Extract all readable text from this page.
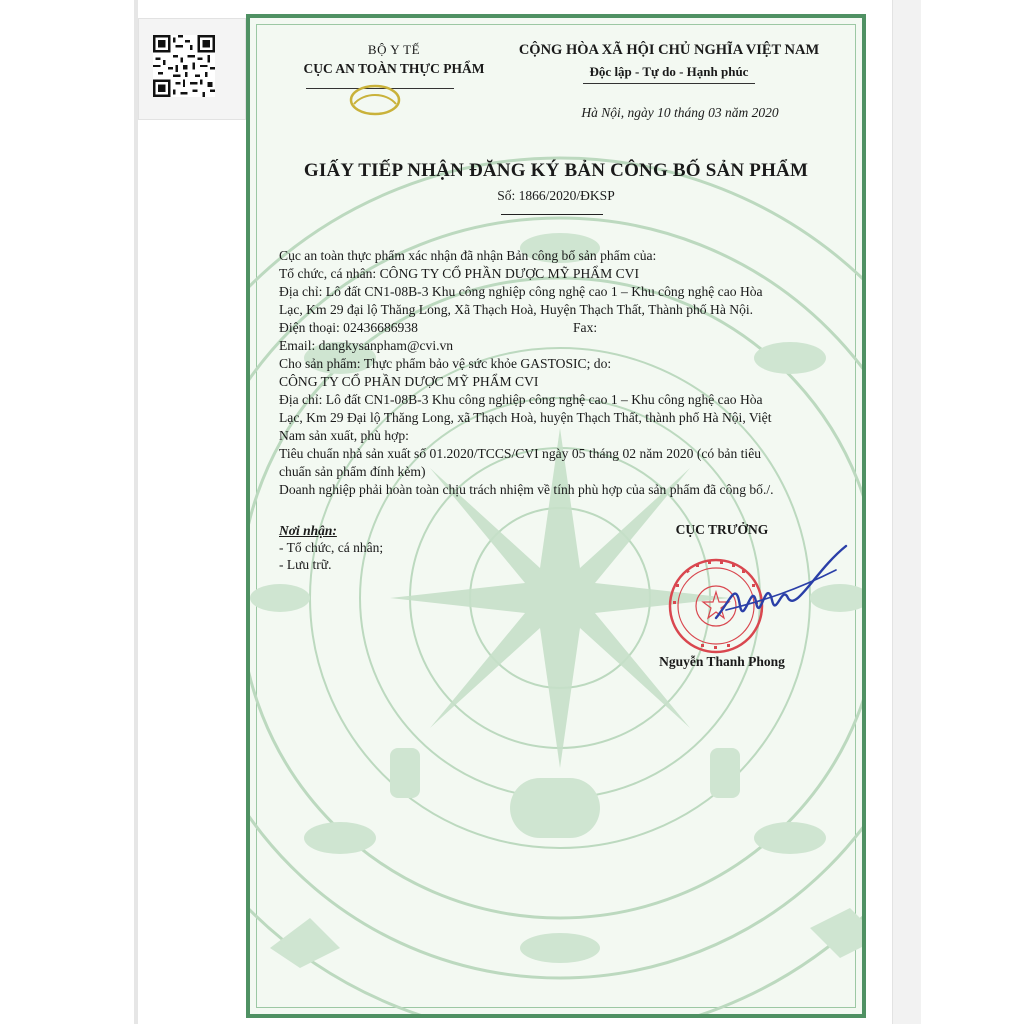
BỘ Y TẾ
CỤC AN TOÀN THỰC PHẨM
CỘNG HÒA XÃ HỘI CHỦ NGHĨA VIỆT NAM
Độc lập - Tự do - Hạnh phúc
Hà Nội, ngày 10 tháng 03 năm 2020
GIẤY TIẾP NHẬN ĐĂNG KÝ BẢN CÔNG BỐ SẢN PHẨM
Số: 1866/2020/ĐKSP

Cục an toàn thực phẩm xác nhận đã nhận Bản công bố sản phẩm của:

Tổ chức, cá nhân: CÔNG TY CỔ PHẦN DƯỢC MỸ PHẨM CVI

Địa chỉ: Lô đất CN1-08B-3 Khu công nghiệp công nghệ cao 1 – Khu công nghệ cao Hòa

Lạc, Km 29 đại lộ Thăng Long, Xã Thạch Hoà, Huyện Thạch Thất, Thành phố Hà Nội.

Điện thoại: 02436686938	Fax:

Email: dangkysanpham@cvi.vn

Cho sản phẩm: Thực phẩm bảo vệ sức khỏe GASTOSIC; do:

CÔNG TY CỔ PHẦN DƯỢC MỸ PHẨM CVI

Địa chỉ: Lô đất CN1-08B-3 Khu công nghiệp công nghệ cao 1 – Khu công nghệ cao Hòa

Lạc, Km 29 Đại lộ Thăng Long, xã Thạch Hoà, huyện Thạch Thất, thành phố Hà Nội, Việt

Nam sản xuất, phù hợp:

Tiêu chuẩn nhà sản xuất số 01.2020/TCCS/CVI ngày 05 tháng 02 năm 2020 (có bản tiêu

chuẩn sản phẩm đính kèm)

Doanh nghiệp phải hoàn toàn chịu trách nhiệm về tính phù hợp của sản phẩm đã công bố./.

Nơi nhận:
- Tổ chức, cá nhân;
- Lưu trữ.
CỤC TRƯỞNG
Nguyễn Thanh Phong
